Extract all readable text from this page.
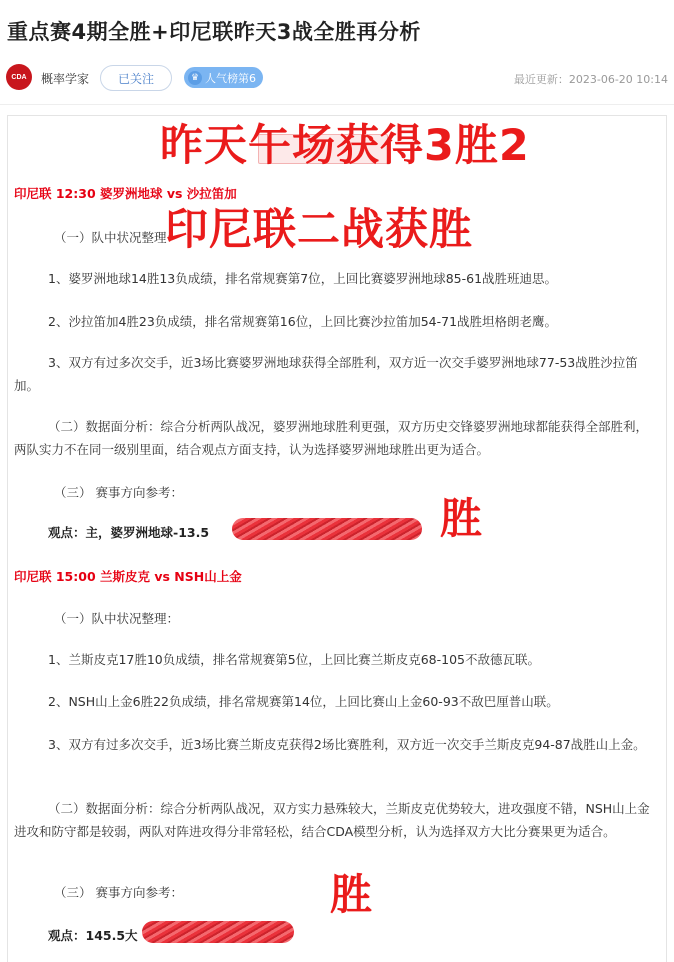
重点赛4期全胜+印尼联昨天3战全胜再分析
CDA	概率学家	已关注	♛ 人气榜第6	最近更新：2023-06-20 10:14
印尼联 12:30 婆罗洲地球 vs 沙拉笛加
（一）队中状况整理：
1、婆罗洲地球14胜13负成绩，排名常规赛第7位，上回比赛婆罗洲地球85-61战胜班迪思。
2、沙拉笛加4胜23负成绩，排名常规赛第16位，上回比赛沙拉笛加54-71战胜坦格朗老鹰。
3、双方有过多次交手，近3场比赛婆罗洲地球获得全部胜利，双方近一次交手婆罗洲地球77-53战胜沙拉笛加。
（二）数据面分析：综合分析两队战况，婆罗洲地球胜利更强，双方历史交锋婆罗洲地球都能获得全部胜利，两队实力不在同一级别里面，结合观点方面支持，认为选择婆罗洲地球胜出更为适合。
（三） 赛事方向参考：
观点：主，婆罗洲地球-13.5
印尼联 15:00 兰斯皮克 vs NSH山上金
（一）队中状况整理：
1、兰斯皮克17胜10负成绩，排名常规赛第5位，上回比赛兰斯皮克68-105不敌德瓦联。
2、NSH山上金6胜22负成绩，排名常规赛第14位，上回比赛山上金60-93不敌巴厘普山联。
3、双方有过多次交手，近3场比赛兰斯皮克获得2场比赛胜利，双方近一次交手兰斯皮克94-87战胜山上金。
（二）数据面分析：综合分析两队战况，双方实力悬殊较大，兰斯皮克优势较大，进攻强度不错，NSH山上金进攻和防守都是较弱，两队对阵进攻得分非常轻松，结合CDA模型分析，认为选择双方大比分赛果更为适合。
（三） 赛事方向参考：
观点：145.5大
昨天午场获得3胜2
印尼联二战获胜
胜
胜
